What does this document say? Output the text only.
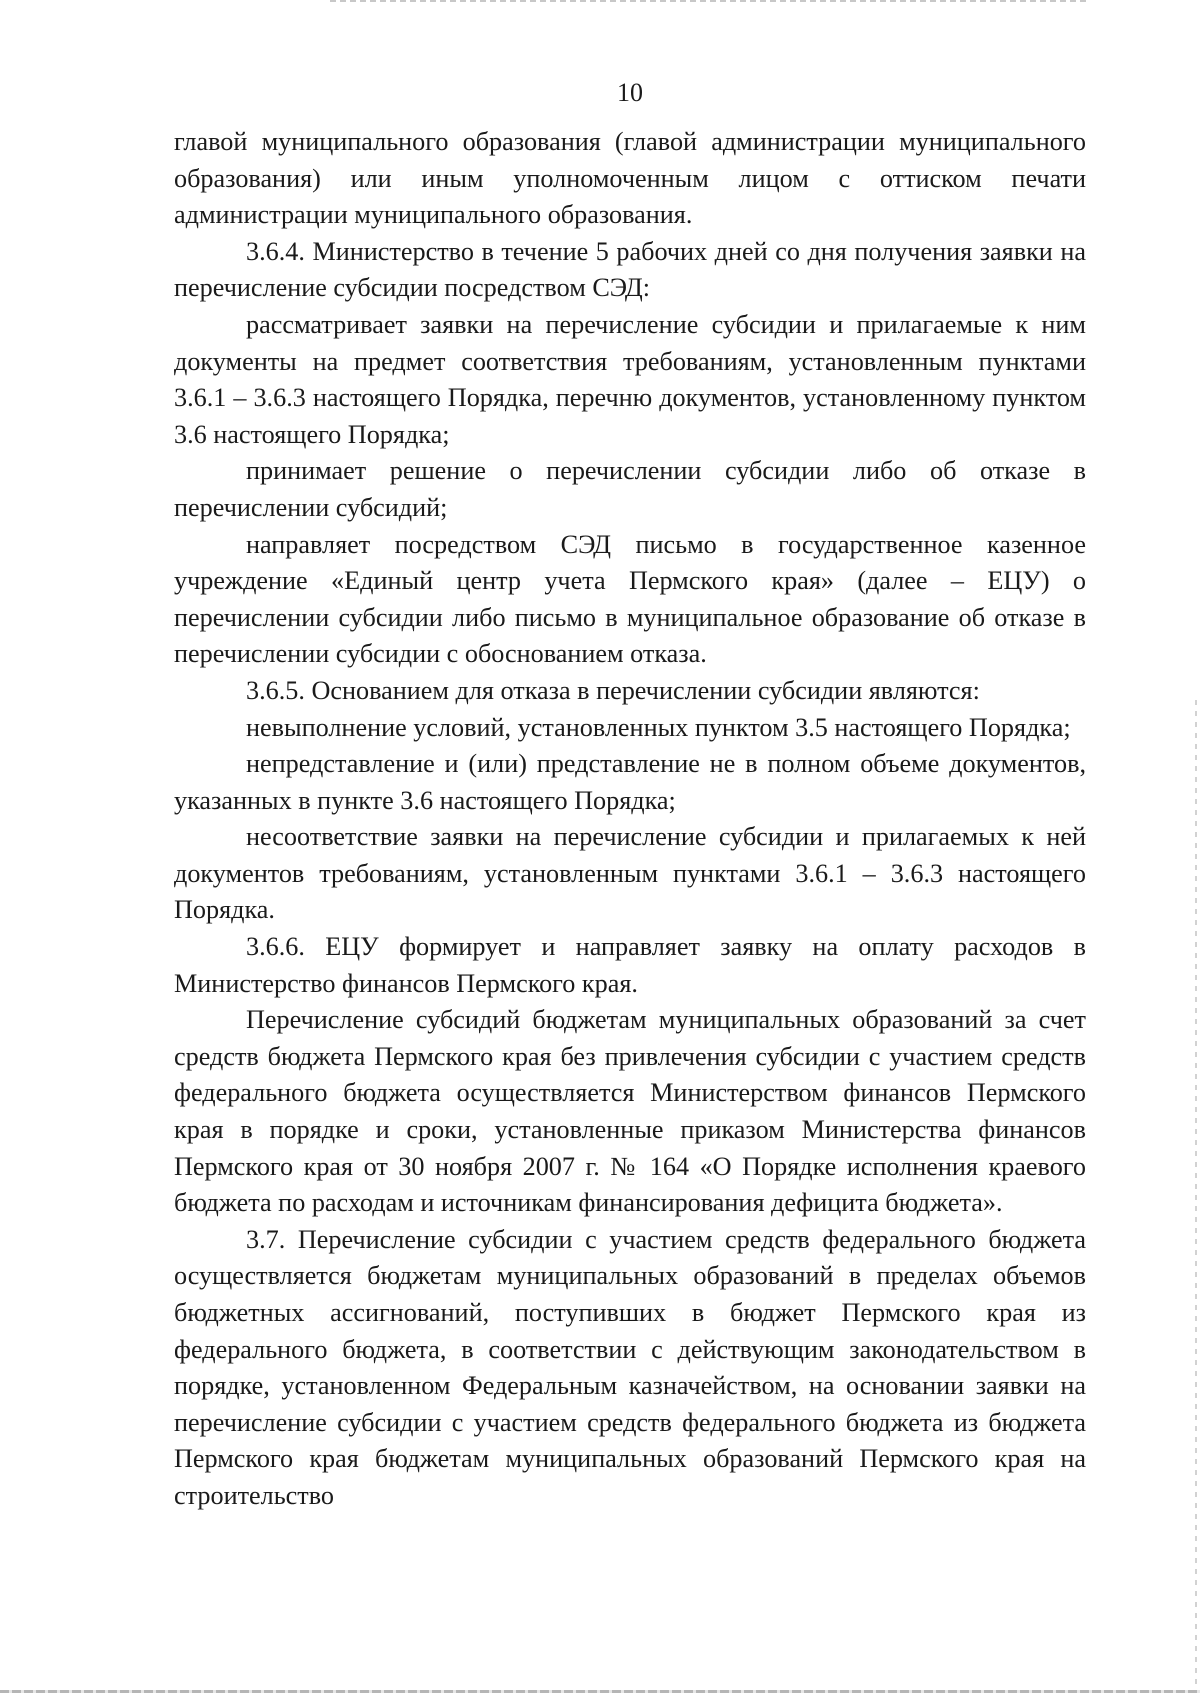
10

главой муниципального образования (главой администрации муниципального образования) или иным уполномоченным лицом с оттиском печати администрации муниципального образования.

3.6.4. Министерство в течение 5 рабочих дней со дня получения заявки на перечисление субсидии посредством СЭД:

рассматривает заявки на перечисление субсидии и прилагаемые к ним документы на предмет соответствия требованиям, установленным пунктами 3.6.1 – 3.6.3 настоящего Порядка, перечню документов, установленному пунктом 3.6 настоящего Порядка;

принимает решение о перечислении субсидии либо об отказе в перечислении субсидий;

направляет посредством СЭД письмо в государственное казенное учреждение «Единый центр учета Пермского края» (далее – ЕЦУ) о перечислении субсидии либо письмо в муниципальное образование об отказе в перечислении субсидии с обоснованием отказа.

3.6.5. Основанием для отказа в перечислении субсидии являются:

невыполнение условий, установленных пунктом 3.5 настоящего Порядка;

непредставление и (или) представление не в полном объеме документов, указанных в пункте 3.6 настоящего Порядка;

несоответствие заявки на перечисление субсидии и прилагаемых к ней документов требованиям, установленным пунктами 3.6.1 – 3.6.3 настоящего Порядка.

3.6.6. ЕЦУ формирует и направляет заявку на оплату расходов в Министерство финансов Пермского края.

Перечисление субсидий бюджетам муниципальных образований за счет средств бюджета Пермского края без привлечения субсидии с участием средств федерального бюджета осуществляется Министерством финансов Пермского края в порядке и сроки, установленные приказом Министерства финансов Пермского края от 30 ноября 2007 г. № 164 «О Порядке исполнения краевого бюджета по расходам и источникам финансирования дефицита бюджета».

3.7. Перечисление субсидии с участием средств федерального бюджета осуществляется бюджетам муниципальных образований в пределах объемов бюджетных ассигнований, поступивших в бюджет Пермского края из федерального бюджета, в соответствии с действующим законодательством в порядке, установленном Федеральным казначейством, на основании заявки на перечисление субсидии с участием средств федерального бюджета из бюджета Пермского края бюджетам муниципальных образований Пермского края на строительство
